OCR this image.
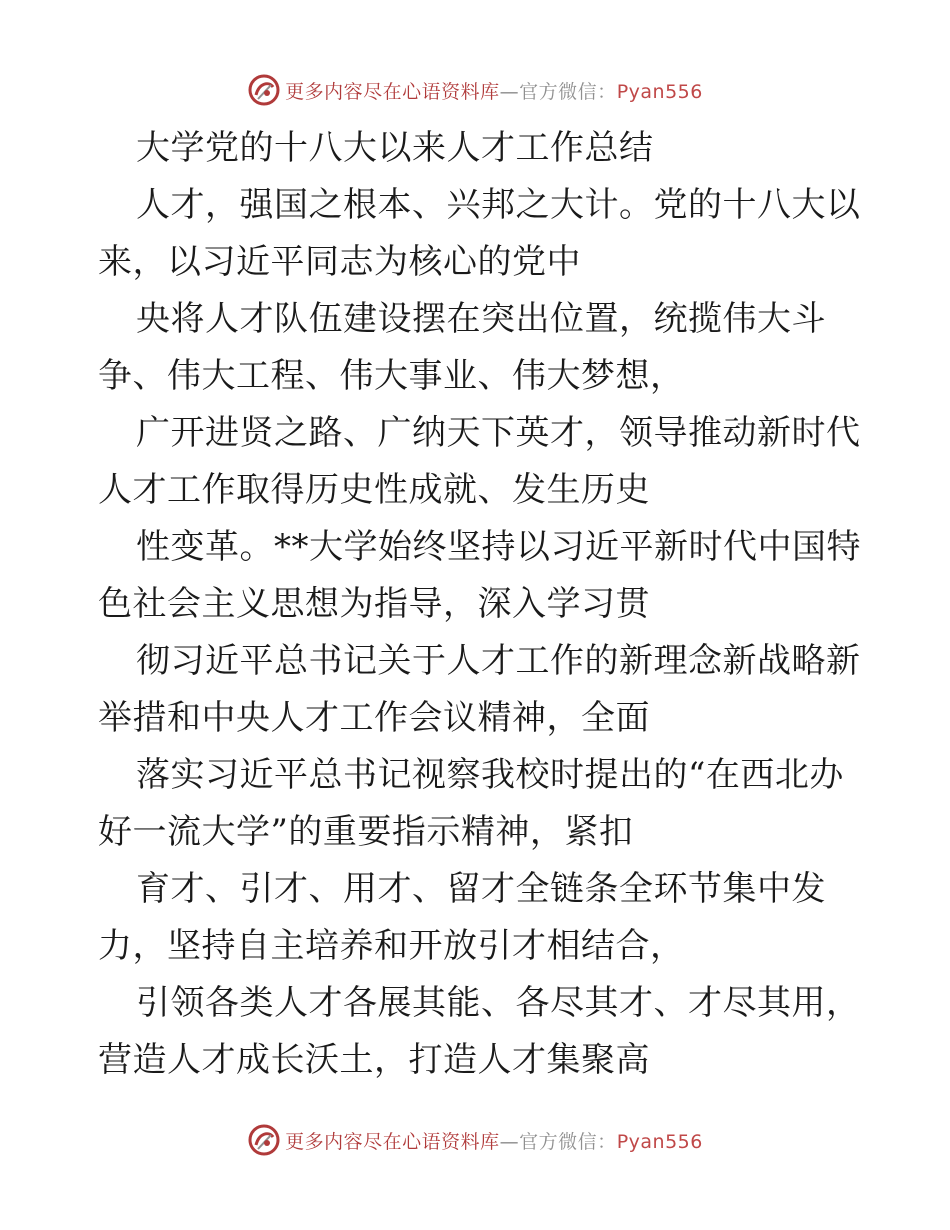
更多内容尽在心语资料库—官方微信：Pyan556
大学党的十八大以来人才工作总结
人才，强国之根本、兴邦之大计。党的十八大以
来，以习近平同志为核心的党中
央将人才队伍建设摆在突出位置，统揽伟大斗
争、伟大工程、伟大事业、伟大梦想，
广开进贤之路、广纳天下英才，领导推动新时代
人才工作取得历史性成就、发生历史
性变革。**大学始终坚持以习近平新时代中国特
色社会主义思想为指导，深入学习贯
彻习近平总书记关于人才工作的新理念新战略新
举措和中央人才工作会议精神，全面
落实习近平总书记视察我校时提出的“在西北办
好一流大学”的重要指示精神，紧扣
育才、引才、用才、留才全链条全环节集中发
力，坚持自主培养和开放引才相结合，
引领各类人才各展其能、各尽其才、才尽其用，
营造人才成长沃土，打造人才集聚高
更多内容尽在心语资料库—官方微信：Pyan556
